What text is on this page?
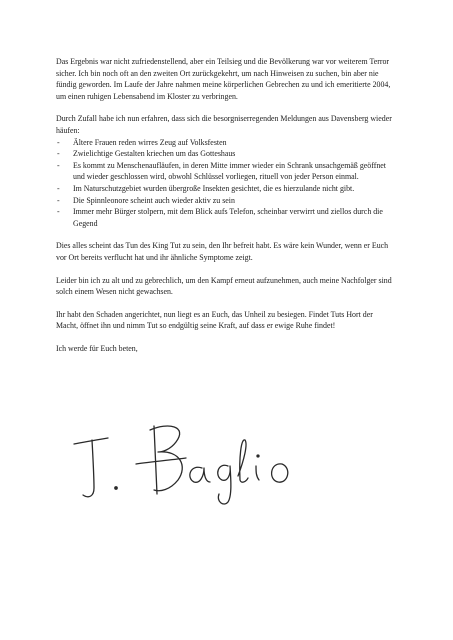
Das Ergebnis war nicht zufriedenstellend, aber ein Teilsieg und die Bevölkerung war vor weiterem Terror sicher. Ich bin noch oft an den zweiten Ort zurückgekehrt, um nach Hinweisen zu suchen, bin aber nie fündig geworden. Im Laufe der Jahre nahmen meine körperlichen Gebrechen zu und ich emeritierte 2004, um einen ruhigen Lebensabend im Kloster zu verbringen.

Durch Zufall habe ich nun erfahren, dass sich die besorgniserregenden Meldungen aus Davensberg wieder häufen:

- Ältere Frauen reden wirres Zeug auf Volksfesten
- Zwielichtige Gestalten kriechen um das Gotteshaus
- Es kommt zu Menschenaufläufen, in deren Mitte immer wieder ein Schrank unsachgemäß geöffnet und wieder geschlossen wird, obwohl Schlüssel vorliegen, rituell von jeder Person einmal.
- Im Naturschutzgebiet wurden übergroße Insekten gesichtet, die es hierzulande nicht gibt.
- Die Spinnleonore scheint auch wieder aktiv zu sein
- Immer mehr Bürger stolpern, mit dem Blick aufs Telefon, scheinbar verwirrt und ziellos durch die Gegend

Dies alles scheint das Tun des King Tut zu sein, den Ihr befreit habt. Es wäre kein Wunder, wenn er Euch vor Ort bereits verflucht hat und ihr ähnliche Symptome zeigt.

Leider bin ich zu alt und zu gebrechlich, um den Kampf erneut aufzunehmen, auch meine Nachfolger sind solch einem Wesen nicht gewachsen.

Ihr habt den Schaden angerichtet, nun liegt es an Euch, das Unheil zu besiegen. Findet Tuts Hort der Macht, öffnet ihn und nimm Tut so endgültig seine Kraft, auf dass er ewige Ruhe findet!

Ich werde für Euch beten,
